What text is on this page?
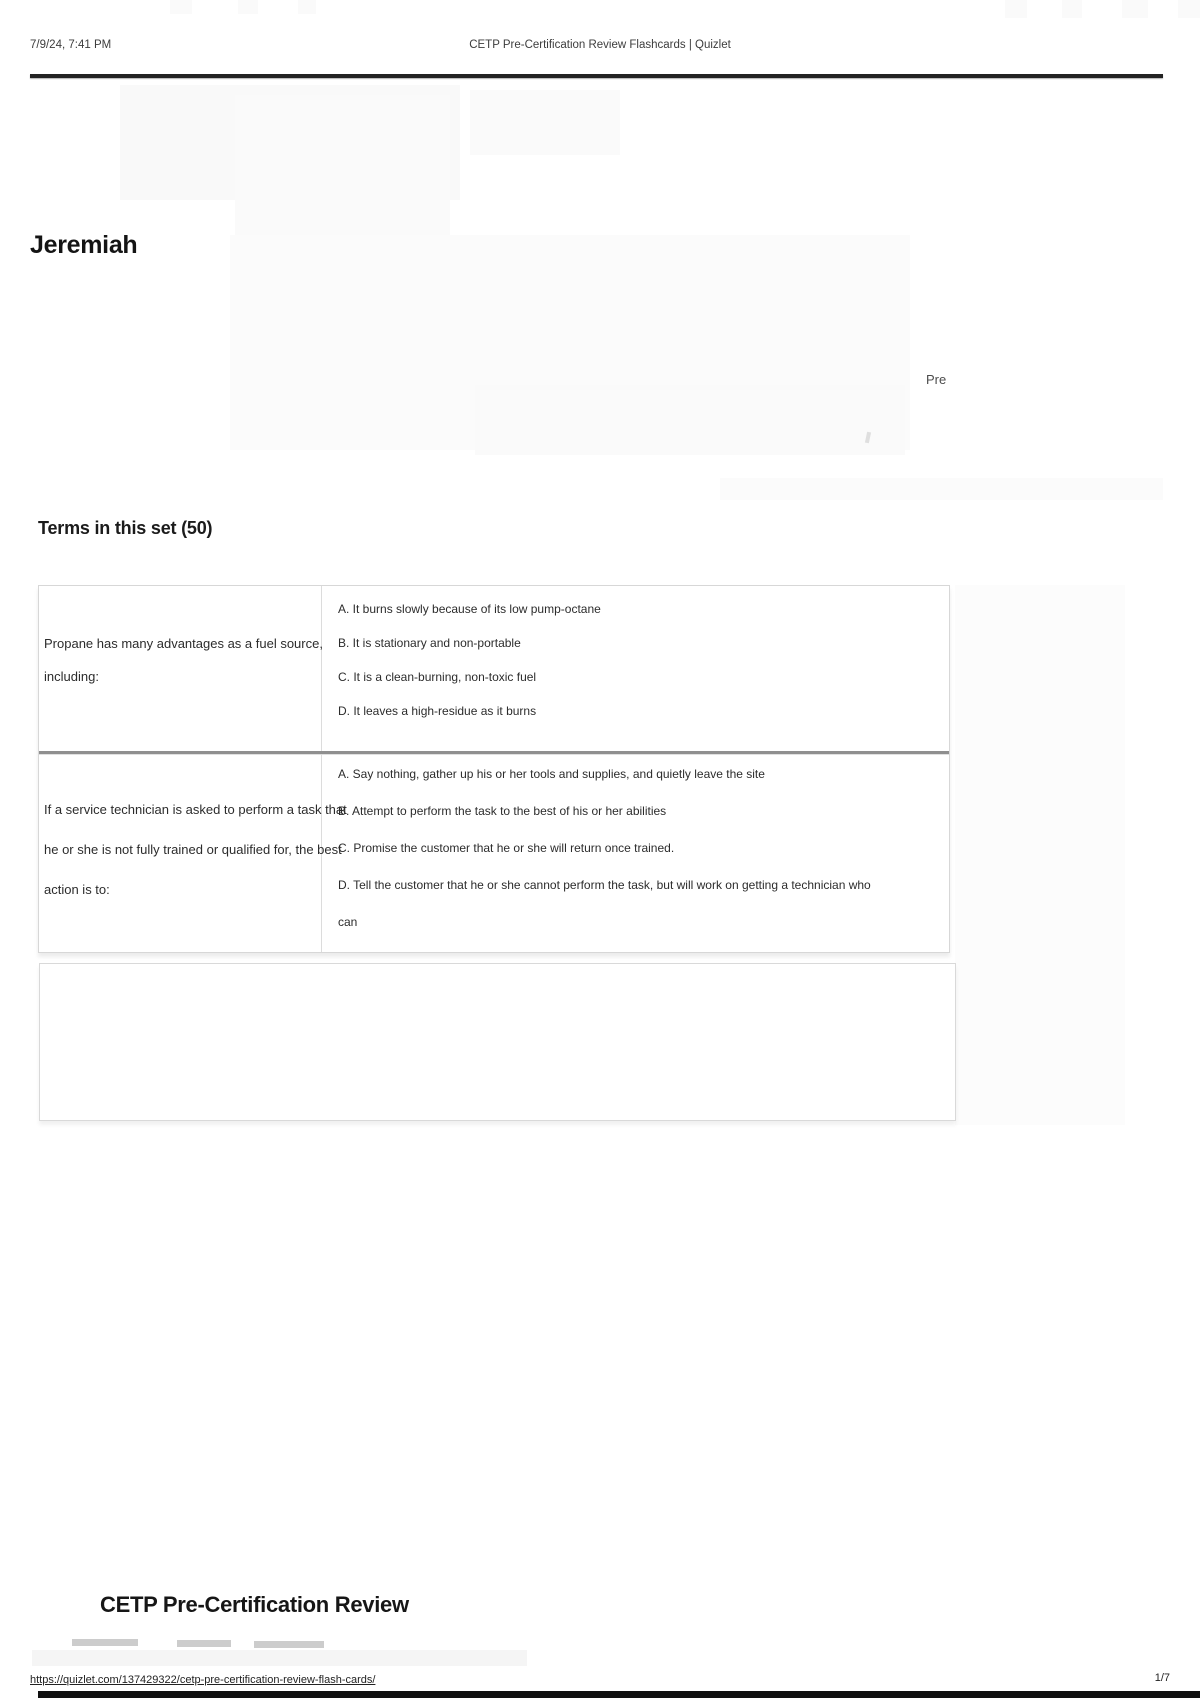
7/9/24, 7:41 PM	CETP Pre-Certification Review Flashcards | Quizlet
Jeremiah
Pre
Terms in this set (50)
Propane has many advantages as a fuel source,
including:
A. It burns slowly because of its low pump-octane
B. It is stationary and non-portable
C. It is a clean-burning, non-toxic fuel
D. It leaves a high-residue as it burns
If a service technician is asked to perform a task that
he or she is not fully trained or qualified for, the best
action is to:
A. Say nothing, gather up his or her tools and supplies, and quietly leave the site
B. Attempt to perform the task to the best of his or her abilities
C. Promise the customer that he or she will return once trained.
D. Tell the customer that he or she cannot perform the task, but will work on getting a technician who
can
CETP Pre-Certification Review
https://quizlet.com/137429322/cetp-pre-certification-review-flash-cards/	1/7
